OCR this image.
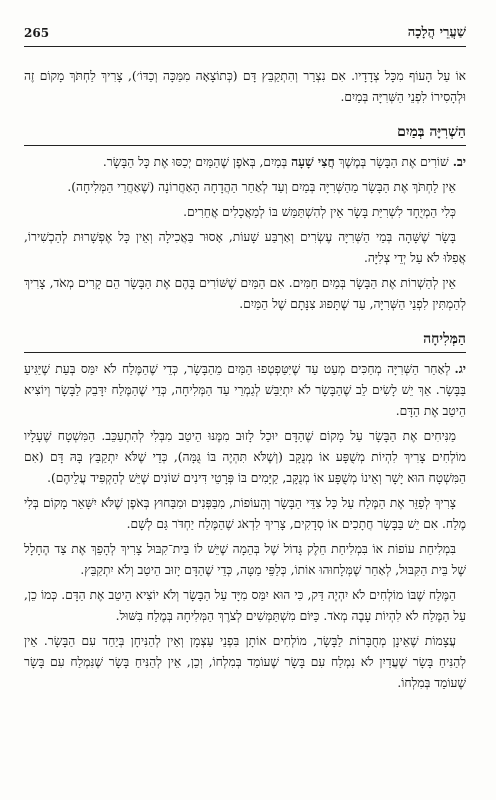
265	שַׁעֲרֵי הֲלָכָה

אוֹ עַל הָעוֹף מִכָּל צְדָדָיו. אִם נִצְרַר וְהִתְקַבֵּץ דָּם (כְּתוֹצָאָה מִמַּכָּה וְכַדּוֹ׳), צָרִיךְ לַחְתֹּךְ מָקוֹם זֶה וּלְהָסִירוֹ לִפְנֵי הַשְּׁרִיָּה בְּמַיִם.

הַשְׁרִיָּה בְּמַיִם

יב.שׁוֹרִים אֶת הַבָּשָׂר בְּמֶשֶׁךְ חֲצִי שָׁעָה בְּמַיִם, בְּאֹפֶן שֶׁהַמַּיִם יְכַסּוּ אֶת כָּל הַבָּשָׂר.

אֵין לַחְתֹּךְ אֶת הַבָּשָׂר מֵהַשְּׁרִיָּה בְּמַיִם וְעַד לְאַחַר הַהֲדָחָה הָאַחֲרוֹנָה (שֶׁאַחֲרֵי הַמְּלִיחָה).

כְּלִי הַמְיֻחָד לִשְׁרִיַּת בָּשָׂר אֵין לְהִשְׁתַּמֵּשׁ בּוֹ לְמַאֲכָלִים אֲחֵרִים.

בָּשָׂר שֶׁשָּׁהָה בְּמֵי הַשְּׁרִיָּה עֶשְׂרִים וְאַרְבַּע שָׁעוֹת, אָסוּר בַּאֲכִילָה וְאֵין כָּל אֶפְשָׁרוּת לְהַכְשִׁירוֹ, אֲפִלּוּ לֹא עַל יְדֵי צְלִיָּה.

אֵין לְהַשְׁרוֹת אֶת הַבָּשָׂר בְּמַיִם חַמִּים. אִם הַמַּיִם שֶׁשּׁוֹרִים בָּהֶם אֶת הַבָּשָׂר הֵם קָרִים מְאֹד, צָרִיךְ לְהַמְתִּין לִפְנֵי הַשְּׁרִיָּה, עַד שֶׁתָּפוּג צִנָּתָם שֶׁל הַמַּיִם.

הַמְּלִיחָה

יג.לְאַחַר הַשְּׁרִיָּה מְחַכִּים מְעַט עַד שֶׁיִּטַּפְטְפוּ הַמַּיִם מֵהַבָּשָׂר, כְּדֵי שֶׁהַמֶּלַח לֹא יִמַּס בְּעֵת שֶׁיַּגִּיעַ בַּבָּשָׂר. אַךְ יֵשׁ לָשִׂים לֵב שֶׁהַבָּשָׂר לֹא יִתְיַבֵּשׁ לְגַמְרֵי עַד הַמְּלִיחָה, כְּדֵי שֶׁהַמֶּלַח יִדָּבֵק לַבָּשָׂר וְיוֹצִיא הֵיטֵב אֶת הַדָּם.

מַנִּיחִים אֶת הַבָּשָׂר עַל מָקוֹם שֶׁהַדָּם יוּכַל לָזוּב מִמֶּנּוּ הֵיטֵב מִבְּלִי לְהִתְעַכֵּב. הַמִּשְׁטָח שֶׁעָלָיו מוֹלְחִים צָרִיךְ לִהְיוֹת מְשֻׁפָּע אוֹ מְנֻקָּב (וְשֶׁלֹּא תִּהְיֶה בּוֹ גֻּמָּה), כְּדֵי שֶׁלֹּא יִתְקַבֵּץ בָּהּ דָּם (אִם הַמִּשְׁטָח הוּא יָשָׁר וְאֵינוֹ מְשֻׁפָּע אוֹ מְנֻקָּב, קַיָּמִים בּוֹ פְּרָטֵי דִּינִים שׁוֹנִים שֶׁיֵּשׁ לְהַקְפִּיד עֲלֵיהֶם).

צָרִיךְ לְפַזֵּר אֶת הַמֶּלַח עַל כָּל צִדֵּי הַבָּשָׂר וְהָעוֹפוֹת, מִבַּפְּנִים וּמִבַּחוּץ בְּאֹפֶן שֶׁלֹּא יִשָּׁאֵר מָקוֹם בְּלִי מֶלַח. אִם יֵשׁ בַּבָּשָׂר חֲתָכִים אוֹ סְדָקִים, צָרִיךְ לִדְאֹג שֶׁהַמֶּלַח יַחְדֹּר גַּם לְשָׁם.

בִּמְלִיחַת עוֹפוֹת אוֹ בִּמְלִיחַת חֵלֶק גָּדוֹל שֶׁל בְּהֵמָה שֶׁיֵּשׁ לוֹ בֵּית־קִבּוּל צָרִיךְ לְהָפֵךְ אֶת צַד הֶחָלָל שֶׁל בֵּית הַקִּבּוּל, לְאַחַר שֶׁמְּלָחוּהוּ אוֹתוֹ, כְּלַפֵּי מַטָּה, כְּדֵי שֶׁהַדָּם יָזוּב הֵיטֵב וְלֹא יִתְקַבֵּץ.

הַמֶּלַח שֶׁבּוֹ מוֹלְחִים לֹא יִהְיֶה דַּק, כִּי הוּא יִמַּס מִיָּד עַל הַבָּשָׂר וְלֹא יוֹצִיא הֵיטֵב אֶת הַדָּם. כְּמוֹ כֵן, עַל הַמֶּלַח לֹא לִהְיוֹת עָבֶה מְאֹד. כַּיּוֹם מִשְׁתַּמְּשִׁים לְצֹרֶךְ הַמְּלִיחָה בְּמֶלַח בִּשּׁוּל.

עֲצָמוֹת שֶׁאֵינָן מְחֻבָּרוֹת לַבָּשָׂר, מוֹלְחִים אוֹתָן בִּפְנֵי עַצְמָן וְאֵין לְהַנִּיחָן בְּיַחַד עִם הַבָּשָׂר. אֵין לְהַנִּיחַ בָּשָׂר שֶׁעֲדַיִן לֹא נִמְלַח עִם בָּשָׂר שֶׁעוֹמֵד בְּמִלְחוֹ, וְכֵן, אֵין לְהַנִּיחַ בָּשָׂר שֶׁנִּמְלַח עִם בָּשָׂר שֶׁעוֹמֵד בְּמִלְחוֹ.
